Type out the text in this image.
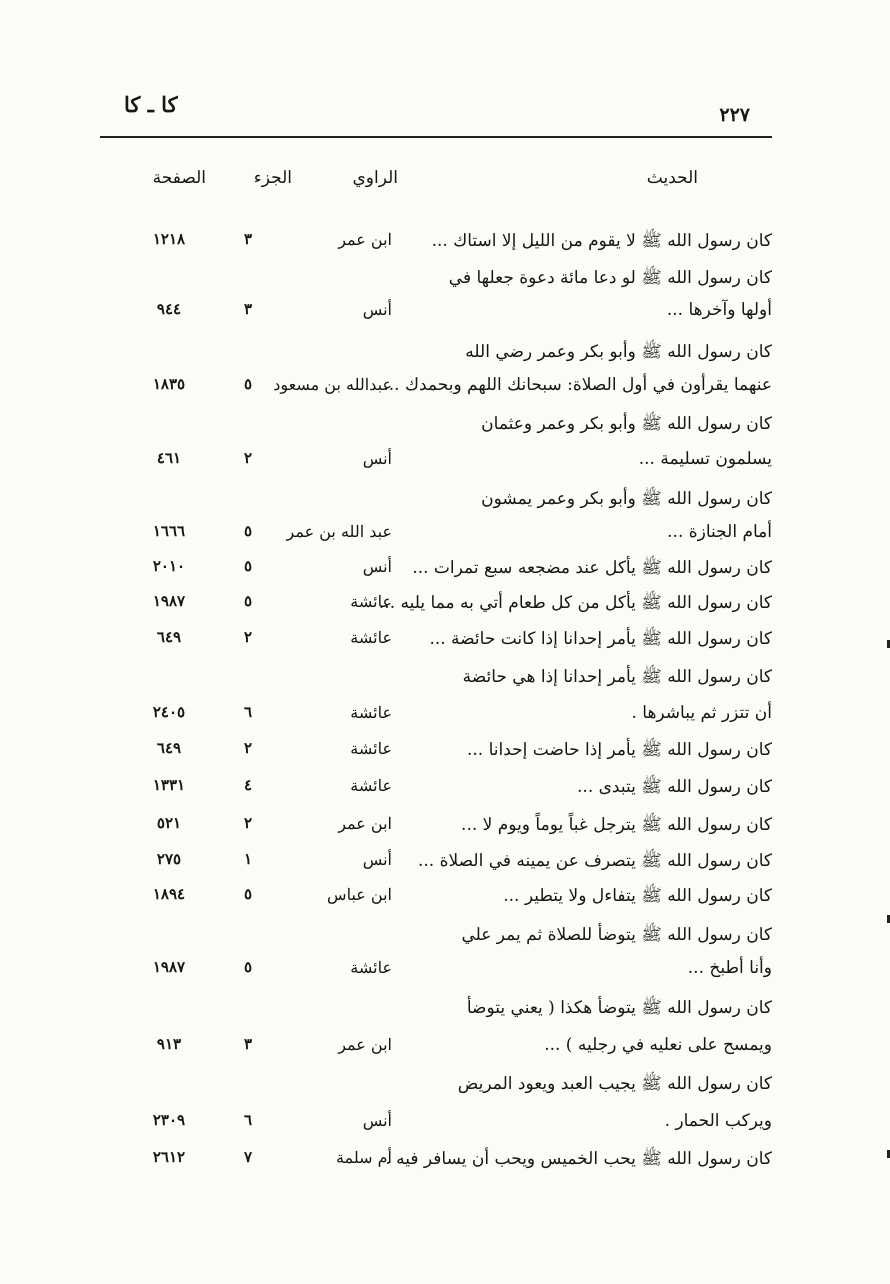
٢٢٧
كا ـ كا
الحديث
الراوي
الجزء
الصفحة
كان رسول الله ﷺ لا يقوم من الليل إلا استاك ...
ابن عمر
٣
١٢١٨
كان رسول الله ﷺ لو دعا مائة دعوة جعلها في
أولها وآخرها ...
أنس
٣
٩٤٤
كان رسول الله ﷺ وأبو بكر وعمر رضي الله
عنهما يقرأون في أول الصلاة: سبحانك اللهم وبحمدك ...
عبدالله بن مسعود
٥
١٨٣٥
كان رسول الله ﷺ وأبو بكر وعمر وعثمان
يسلمون تسليمة ...
أنس
٢
٤٦١
كان رسول الله ﷺ وأبو بكر وعمر يمشون
أمام الجنازة ...
عبد الله بن عمر
٥
١٦٦٦
كان رسول الله ﷺ يأكل عند مضجعه سبع تمرات ...
أنس
٥
٢٠١٠
كان رسول الله ﷺ يأكل من كل طعام أتي به مما يليه ...
عائشة
٥
١٩٨٧
كان رسول الله ﷺ يأمر إحدانا إذا كانت حائضة ...
عائشة
٢
٦٤٩
كان رسول الله ﷺ يأمر إحدانا إذا هي حائضة
أن تتزر ثم يباشرها .
عائشة
٦
٢٤٠٥
كان رسول الله ﷺ يأمر إذا حاضت إحدانا ...
عائشة
٢
٦٤٩
كان رسول الله ﷺ يتبدى ...
عائشة
٤
١٣٣١
كان رسول الله ﷺ يترجل غباً يوماً ويوم لا ...
ابن عمر
٢
٥٢١
كان رسول الله ﷺ يتصرف عن يمينه في الصلاة ...
أنس
١
٢٧٥
كان رسول الله ﷺ يتفاءل ولا يتطير ...
ابن عباس
٥
١٨٩٤
كان رسول الله ﷺ يتوضأ للصلاة ثم يمر علي
وأنا أطبخ ...
عائشة
٥
١٩٨٧
كان رسول الله ﷺ يتوضأ هكذا ( يعني يتوضأ
ويمسح على نعليه في رجليه ) ...
ابن عمر
٣
٩١٣
كان رسول الله ﷺ يجيب العبد ويعود المريض
ويركب الحمار .
أنس
٦
٢٣٠٩
كان رسول الله ﷺ يحب الخميس ويحب أن يسافر فيه .
أم سلمة
٧
٢٦١٢
